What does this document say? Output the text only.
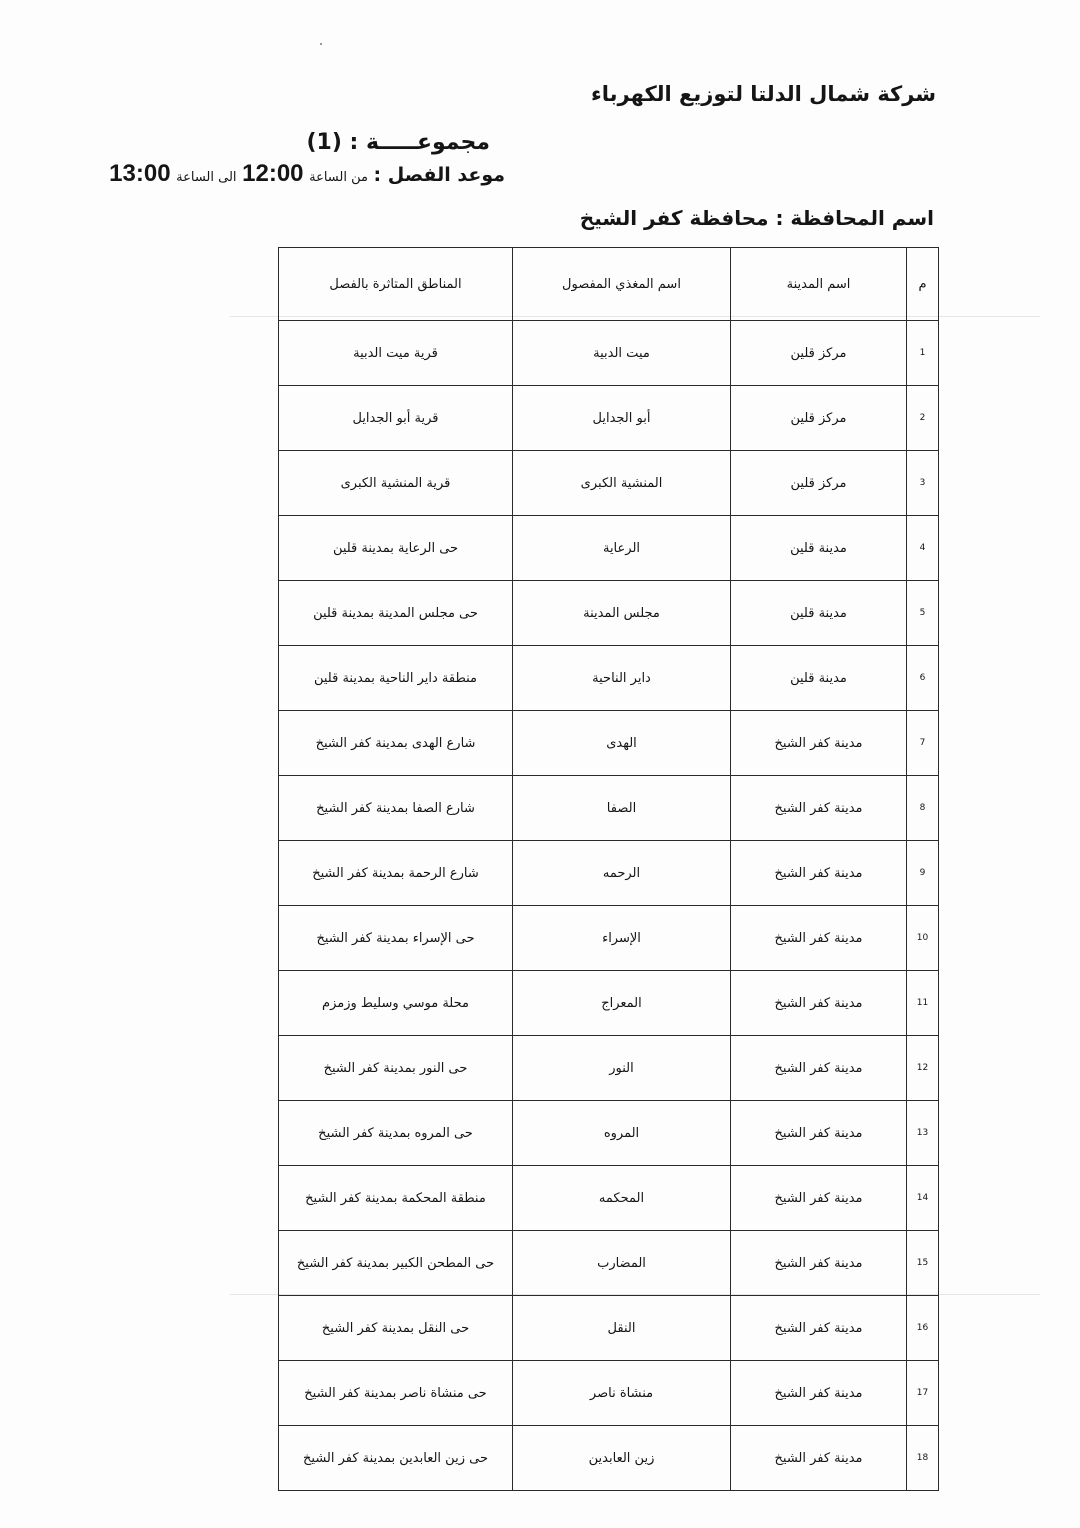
شركة شمال الدلتا لتوزيع الكهرباء
مجموعـــــة : (1)
موعد الفصل : من الساعة 12:00 الى الساعة 13:00
اسم المحافظة : محافظة كفر الشيخ
م	اسم المدينة	اسم المغذي المفصول	المناطق المتاثرة بالفصل
1	مركز قلين	ميت الدبية	قرية ميت الدبية
2	مركز قلين	أبو الجدايل	قرية أبو الجدايل
3	مركز قلين	المنشية الكبرى	قرية المنشية الكبرى
4	مدينة قلين	الرعاية	حى الرعاية بمدينة قلين
5	مدينة قلين	مجلس المدينة	حى مجلس المدينة بمدينة قلين
6	مدينة قلين	داير الناحية	منطقة داير الناحية بمدينة قلين
7	مدينة كفر الشيخ	الهدى	شارع الهدى بمدينة كفر الشيخ
8	مدينة كفر الشيخ	الصفا	شارع الصفا بمدينة كفر الشيخ
9	مدينة كفر الشيخ	الرحمه	شارع الرحمة بمدينة كفر الشيخ
10	مدينة كفر الشيخ	الإسراء	حى الإسراء بمدينة كفر الشيخ
11	مدينة كفر الشيخ	المعراج	محلة موسي وسليط وزمزم
12	مدينة كفر الشيخ	النور	حى النور بمدينة كفر الشيخ
13	مدينة كفر الشيخ	المروه	حى المروه بمدينة كفر الشيخ
14	مدينة كفر الشيخ	المحكمه	منطقة المحكمة بمدينة كفر الشيخ
15	مدينة كفر الشيخ	المضارب	حى المطحن الكبير بمدينة كفر الشيخ
16	مدينة كفر الشيخ	النقل	حى النقل بمدينة كفر الشيخ
17	مدينة كفر الشيخ	منشاة ناصر	حى منشاة ناصر بمدينة كفر الشيخ
18	مدينة كفر الشيخ	زين العابدين	حى زين العابدين بمدينة كفر الشيخ
